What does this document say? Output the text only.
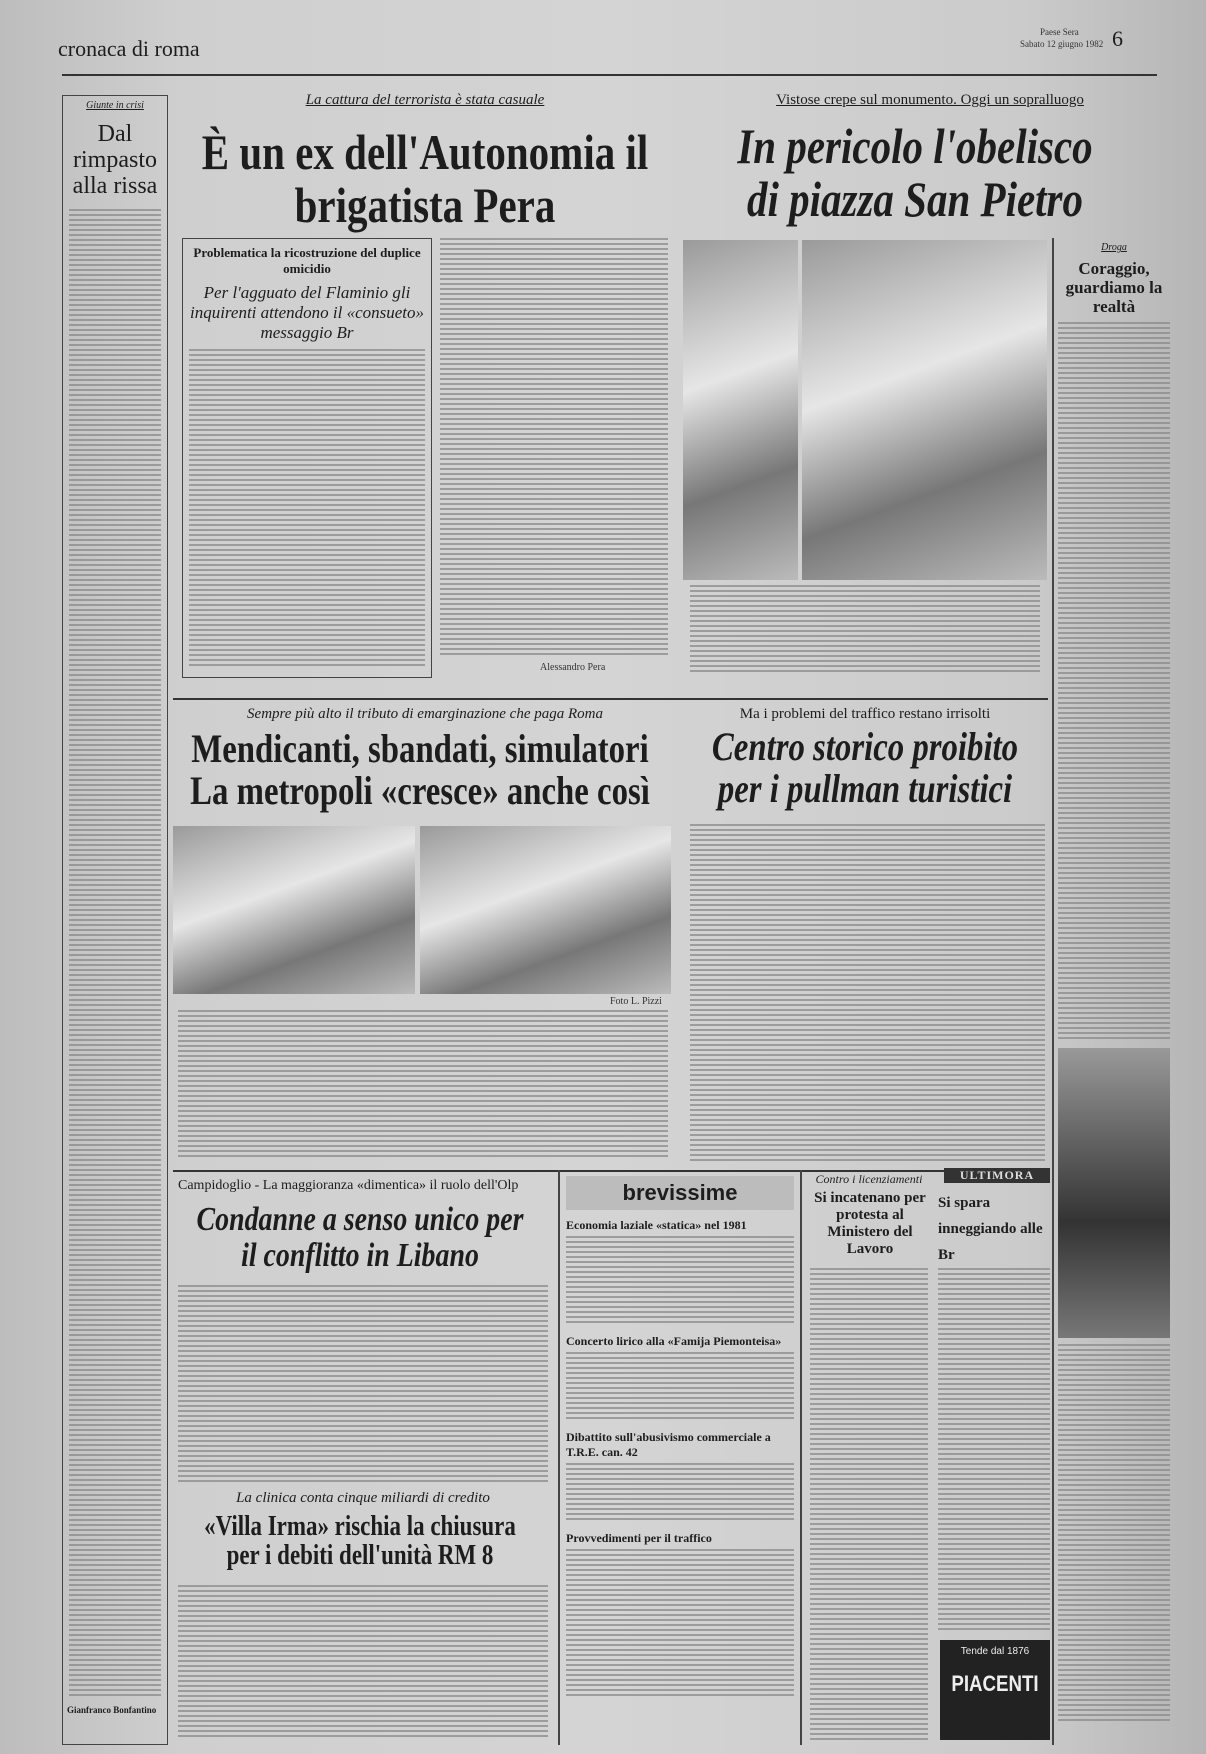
cronaca di roma
Paese Sera
Sabato 12 giugno 1982 6
Giunte in crisi
Dal rimpasto alla rissa
Gianfranco Bonfantino
La cattura del terrorista è stata casuale
È un ex dell'Autonomia il brigatista Pera
Problematica la ricostruzione del duplice omicidio
Per l'agguato del Flaminio gli inquirenti attendono il «consueto» messaggio Br
Alessandro Pera
Vistose crepe sul monumento. Oggi un sopralluogo
In pericolo l'obelisco di piazza San Pietro
Droga
Coraggio, guardiamo la realtà
Sempre più alto il tributo di emarginazione che paga Roma
Mendicanti, sbandati, simulatori La metropoli «cresce» anche così
Foto L. Pizzi
Ma i problemi del traffico restano irrisolti
Centro storico proibito per i pullman turistici
Campidoglio - La maggioranza «dimentica» il ruolo dell'Olp
Condanne a senso unico per il conflitto in Libano
La clinica conta cinque miliardi di credito
«Villa Irma» rischia la chiusura per i debiti dell'unità RM 8
brevissime
Economia laziale «statica» nel 1981
Concerto lirico alla «Famija Piemonteisa»
Dibattito sull'abusivismo commerciale a T.R.E. can. 42
Provvedimenti per il traffico
Contro i licenziamenti
Si incatenano per protesta al Ministero del Lavoro
ULTIMORA
Si spara inneggiando alle Br
Tende dal 1876
PIACENTI
